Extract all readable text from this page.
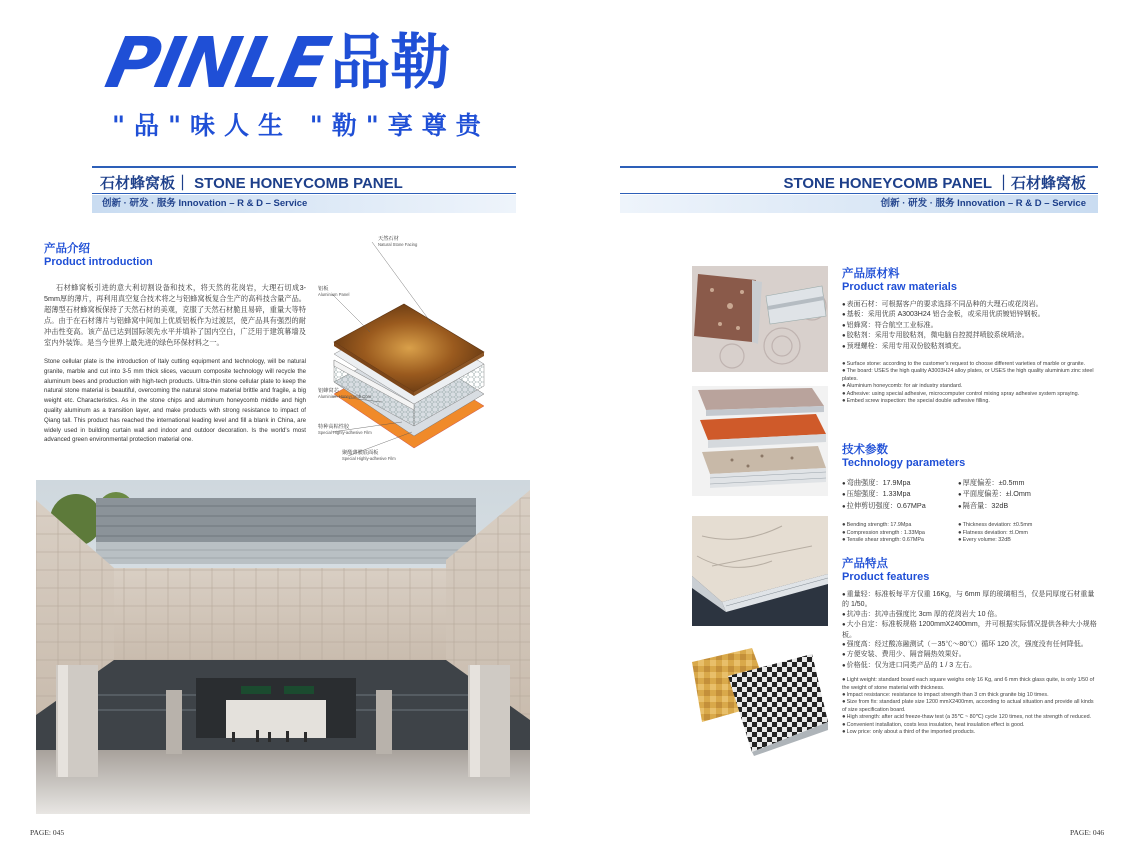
PINLE
品勒
"品"味人生 "勒"享尊贵
石材蜂窝板｜ STONE HONEYCOMB PANEL
创新 · 研发 · 服务 Innovation – R & D – Service
STONE HONEYCOMB PANEL ｜石材蜂窝板
创新 · 研发 · 服务 Innovation – R & D – Service
产品介绍
Product introduction

石材蜂窝板引进的意大利切割设备和技术，将天然的花岗岩，大理石切成3-5mm厚的薄片，再利用真空复合技术将之与铝蜂窝板复合生产的高科技含量产品。超薄型石材蜂窝板保持了天然石材的美观，克服了天然石材脆且易碎，重量大等特点。由于在石材薄片与铝蜂窝中间加上优质铝板作为过渡层，使产品具有强烈的耐冲击性变高。该产品已达到国际领先水平并填补了国内空白，广泛用于建筑幕墙及室内外装饰。是当今世界上最先进的绿色环保材料之一。

Stone cellular plate is the introduction of Italy cutting equipment and technology, will be natural granite, marble and cut into 3-5 mm thick slices, vacuum composite technology will recycle the aluminum bees and production with high-tech products. Ultra-thin stone cellular plate to keep the natural stone material is beautiful, overcoming the natural stone material brittle and fragile, a big weight etc. Characteristics. As in the stone chips and aluminum honeycomb middle and high quality aluminum as a transition layer, and make products with strong resistance to impact of Qiang tall. This product has reached the international leading level and fill a blank in China, are widely used in building curtain wall and indoor and outdoor decoration. Is the world's most advanced green environmental protection material one.

天然石材
Natural Stone Facing
铝板
Aluminium Panel
铝蜂窝芯
Aluminium Honeycomb Core
特种高粘性胶
Special Highly-adhesive Film
聚酯薄膜底面板
Special Highly-adhesive Film
产品原材料
Product raw materials
●表面石材：可根据客户的要求选择不同品种的大理石或花岗岩。
●基板：采用优质 A3003H24 铝合金板，或采用优质镀铝锌钢板。
●铝蜂窝：符合航空工业标准。
●胶粘剂：采用专用胶粘剂，微电脑自控搅拌喷胶系统喷涂。
●预埋螺栓：采用专用双份胶粘剂填充。
●Surface stone: according to the customer's request to choose different varieties of marble or granite.
●The board: USES the high quality A3003H24 alloy plates, or USES the high quality aluminium zinc steel plates.
●Aluminium honeycomb: for air industry standard.
●Adhesive: using special adhesive, microcomputer control mixing spray adhesive system spraying.
●Embed screw inspection: the special double adhesive filling.
技术参数
Technology parameters
●弯曲强度：17.9Mpa
●压缩强度：1.33Mpa
●拉伸剪切强度：0.67MPa
●厚度偏差：±0.5mm
●平面度偏差：±l.Omm
●隔音量：32dB
●Bending strength: 17.9Mpa
●Compression strength : 1.33Mpa
●Tensile shear strength: 0.67MPa
●Thickness deviation: ±0.5mm
●Flatness deviation: ±l.Omm
●Every volume: 32dB
产品特点
Product features
●重量轻：标准板每平方仅重 16Kg，与 6mm 厚的玻璃相当，仅是同厚度石材重量的 1/50。
●抗冲击：抗冲击强度比 3cm 厚的花岗岩大 10 倍。
●大小自定：标准板规格 1200mmX2400mm，并可根据实际情况提供各种大小规格板。
●强度高：经过酸冻融测试（－35℃～80℃）循环 120 次，强度没有任何降低。
●方便安装、费用少、隔音隔热效果好。
●价格低：仅为进口同类产品的 1 / 3 左右。
●Light weight: standard board each square weighs only 16 Kg, and 6 mm thick glass quite, is only 1/50 of the weight of stone material with thickness.
●Impact resistance: resistance to impact strength than 3 cm thick granite big 10 times.
●Size from fix: standard plate size 1200 mmX2400mm, according to actual situation and provide all kinds of size specification board.
●High strength: after acid freeze-thaw test (a 35℃ ~ 80℃) cycle 120 times, not the strength of reduced.
●Convenient installation, costs less insulation, heat insulation effect is good.
●Low price: only about a third of the imported products.
PAGE: 045	PAGE: 046
